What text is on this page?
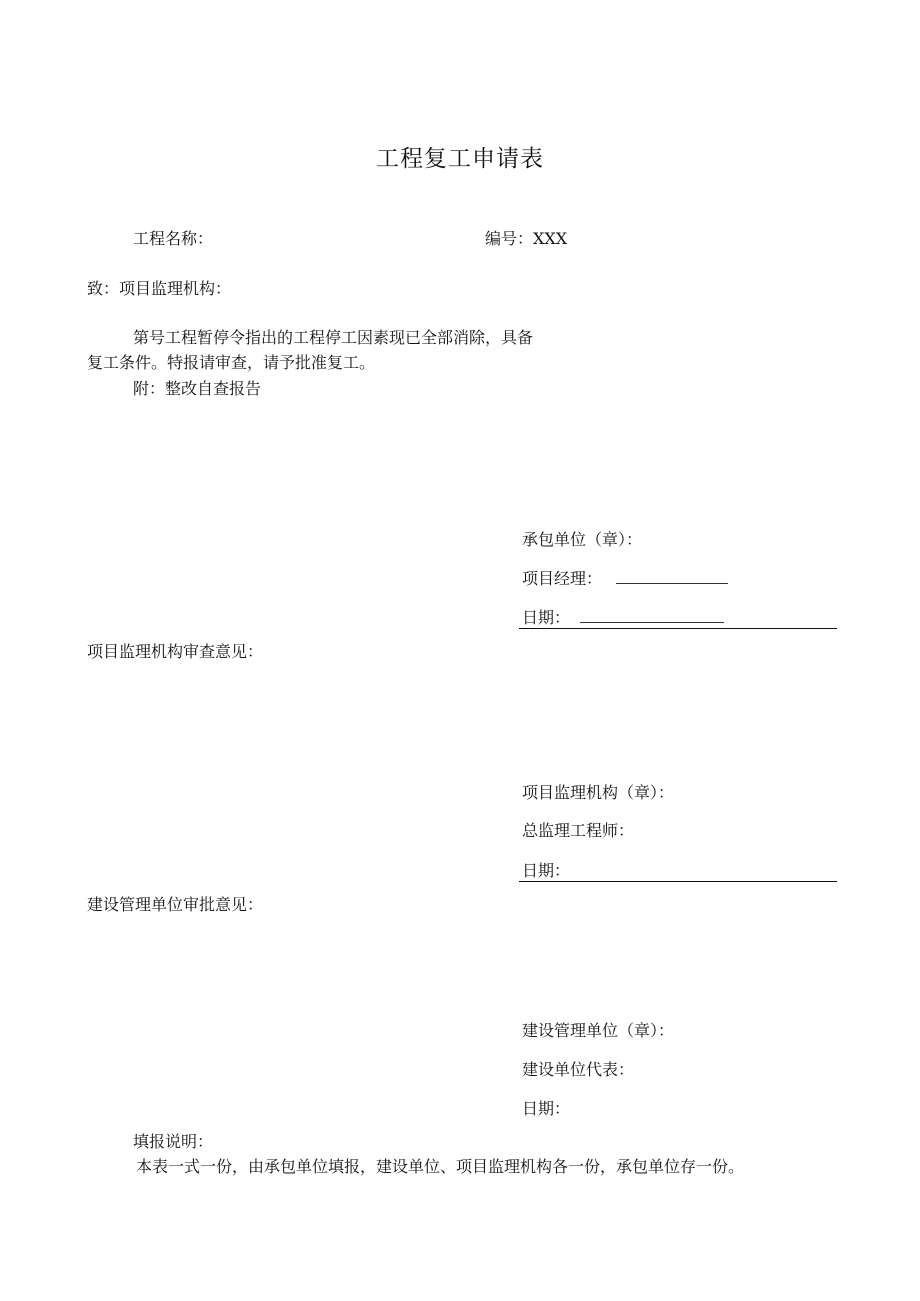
工程复工申请表
工程名称：	编号：XXX
致：项目监理机构：
第号工程暂停令指出的工程停工因素现已全部消除，具备
复工条件。特报请审查，请予批准复工。
附：整改自查报告
承包单位（章）：
项目经理：
日期：
项目监理机构审查意见：
项目监理机构（章）：
总监理工程师：
日期：
建设管理单位审批意见：
建设管理单位（章）：
建设单位代表：
日期：
填报说明：
本表一式一份，由承包单位填报，建设单位、项目监理机构各一份，承包单位存一份。
